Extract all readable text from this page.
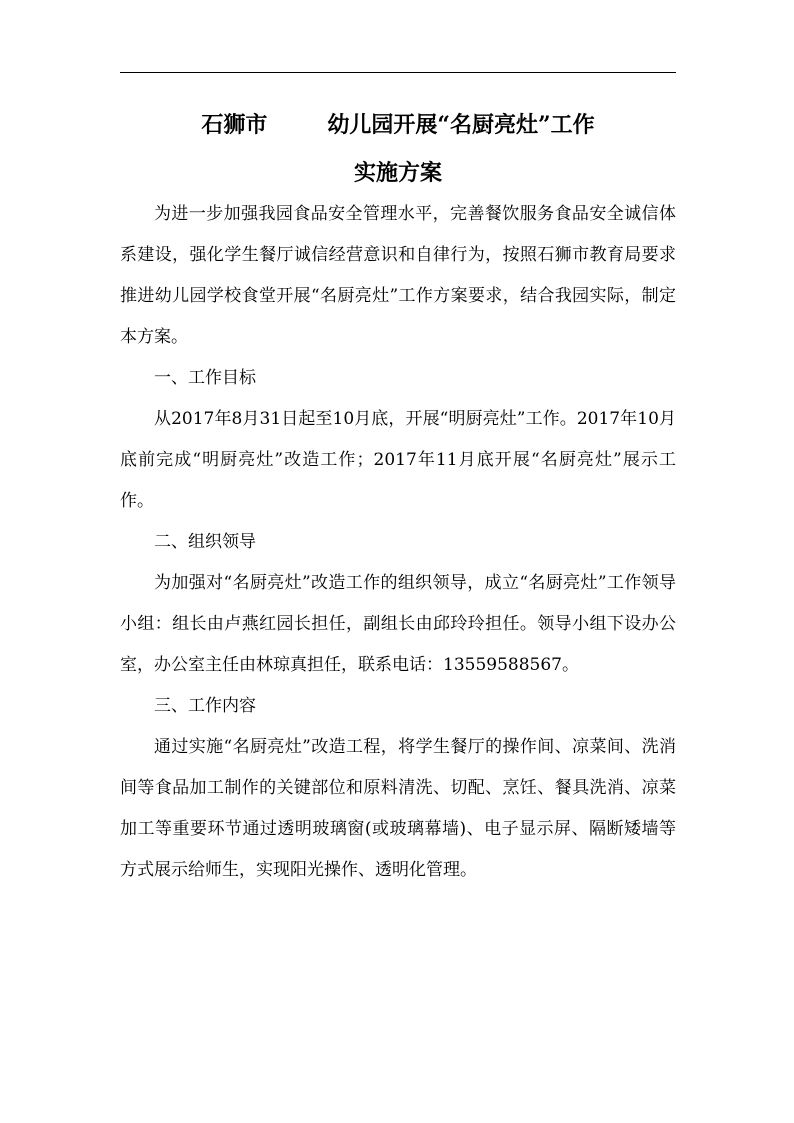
石狮市	幼儿园开展“名厨亮灶”工作
实施方案

为进一步加强我园食品安全管理水平，完善餐饮服务食品安全诚信体系建设，强化学生餐厅诚信经营意识和自律行为，按照石狮市教育局要求推进幼儿园学校食堂开展“名厨亮灶”工作方案要求，结合我园实际，制定本方案。

一、工作目标

从2017年8月31日起至10月底，开展“明厨亮灶”工作。2017年10月底前完成“明厨亮灶”改造工作；2017年11月底开展“名厨亮灶”展示工作。

二、组织领导

为加强对“名厨亮灶”改造工作的组织领导，成立“名厨亮灶”工作领导小组：组长由卢燕红园长担任，副组长由邱玲玲担任。领导小组下设办公室，办公室主任由林琼真担任，联系电话：13559588567。

三、工作内容

通过实施“名厨亮灶”改造工程，将学生餐厅的操作间、凉菜间、洗消间等食品加工制作的关键部位和原料清洗、切配、烹饪、餐具洗消、凉菜加工等重要环节通过透明玻璃窗(或玻璃幕墙)、电子显示屏、隔断矮墙等方式展示给师生，实现阳光操作、透明化管理。
